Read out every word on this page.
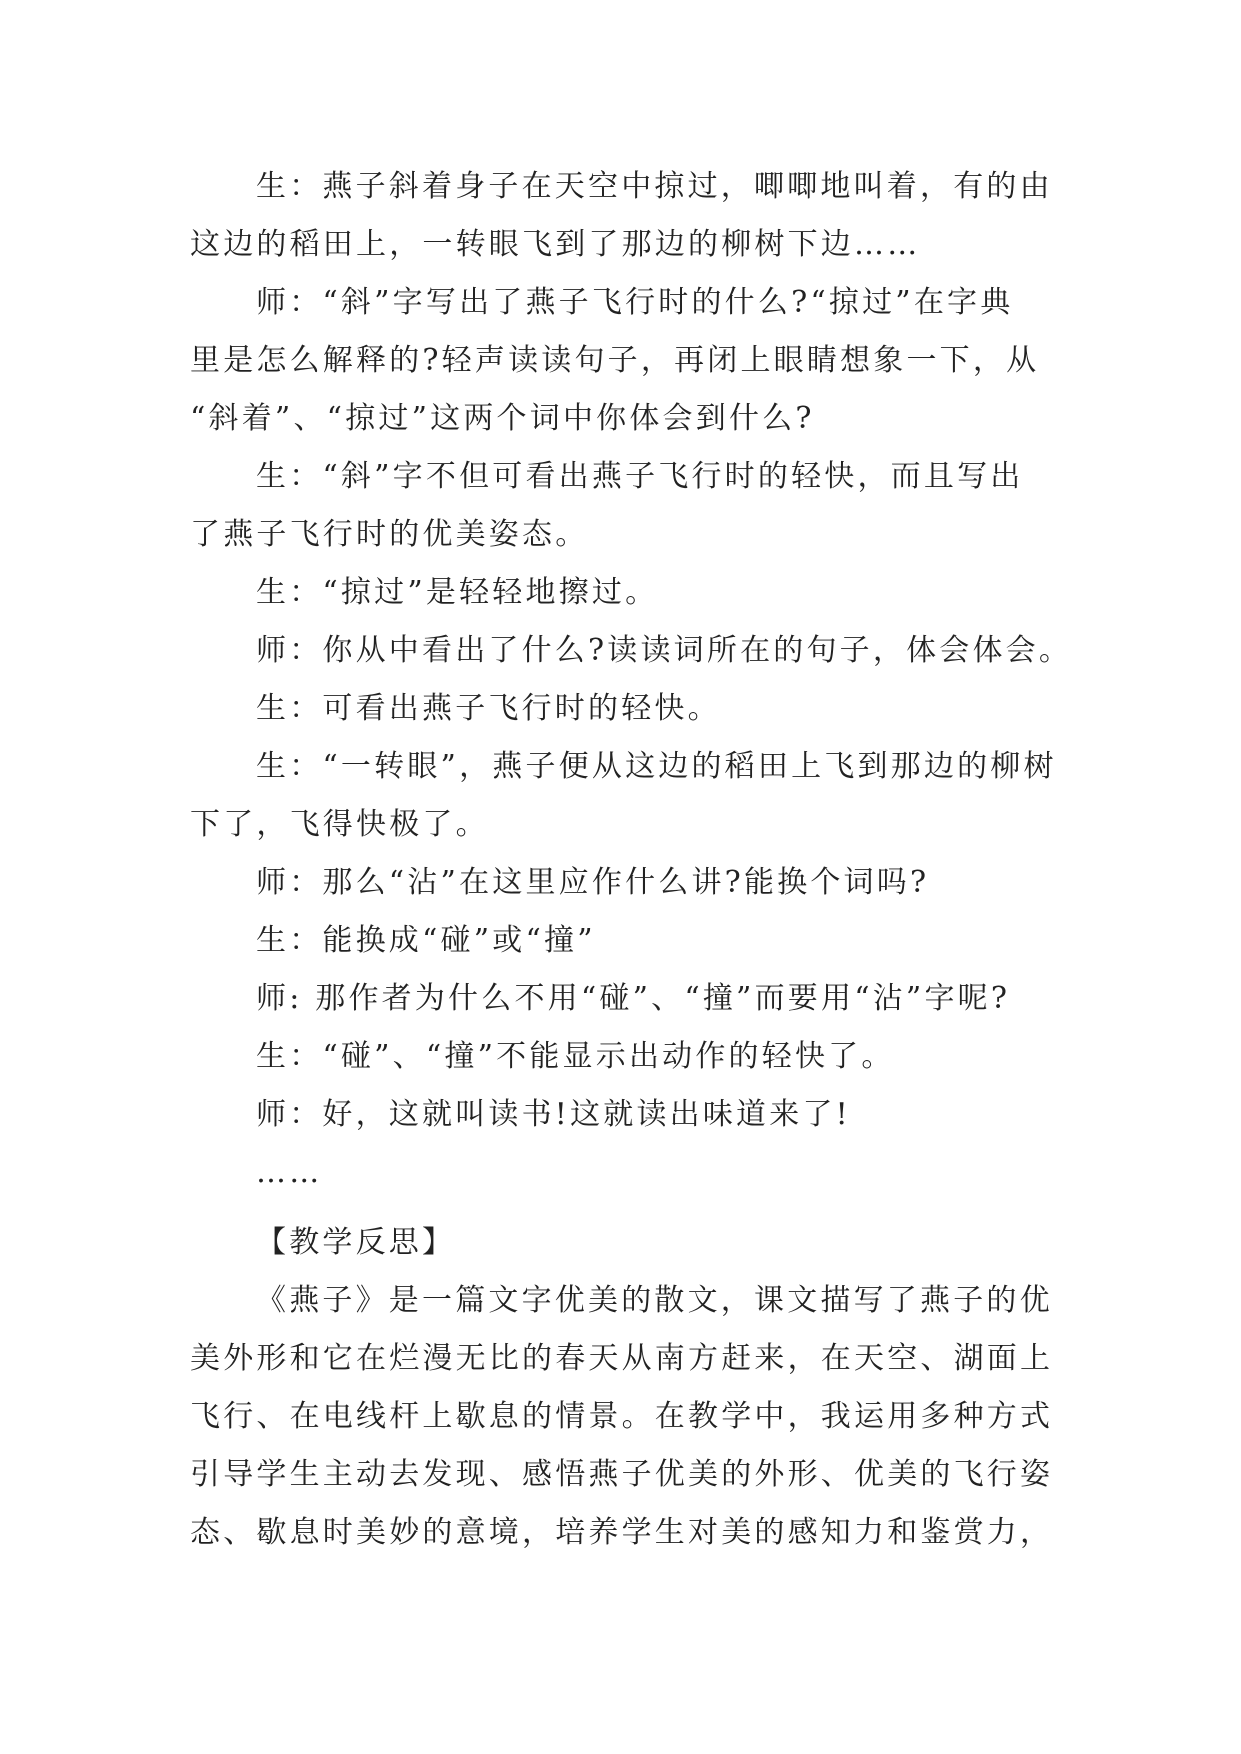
生：燕子斜着身子在天空中掠过，唧唧地叫着，有的由
这边的稻田上，一转眼飞到了那边的柳树下边……
师：“斜”字写出了燕子飞行时的什么?“掠过”在字典
里是怎么解释的?轻声读读句子，再闭上眼睛想象一下，从
“斜着”、“掠过”这两个词中你体会到什么?
生：“斜”字不但可看出燕子飞行时的轻快，而且写出
了燕子飞行时的优美姿态。
生：“掠过”是轻轻地擦过。
师：你从中看出了什么?读读词所在的句子，体会体会。
生：可看出燕子飞行时的轻快。
生：“一转眼”，燕子便从这边的稻田上飞到那边的柳树
下了，飞得快极了。
师：那么“沾”在这里应作什么讲?能换个词吗?
生：能换成“碰”或“撞”
师: 那作者为什么不用“碰”、“撞”而要用“沾”字呢?
生：“碰”、“撞”不能显示出动作的轻快了。
师：好，这就叫读书!这就读出味道来了!
……
【教学反思】
《燕子》是一篇文字优美的散文，课文描写了燕子的优
美外形和它在烂漫无比的春天从南方赶来，在天空、湖面上
飞行、在电线杆上歇息的情景。在教学中，我运用多种方式
引导学生主动去发现、感悟燕子优美的外形、优美的飞行姿
态、歇息时美妙的意境，培养学生对美的感知力和鉴赏力，
